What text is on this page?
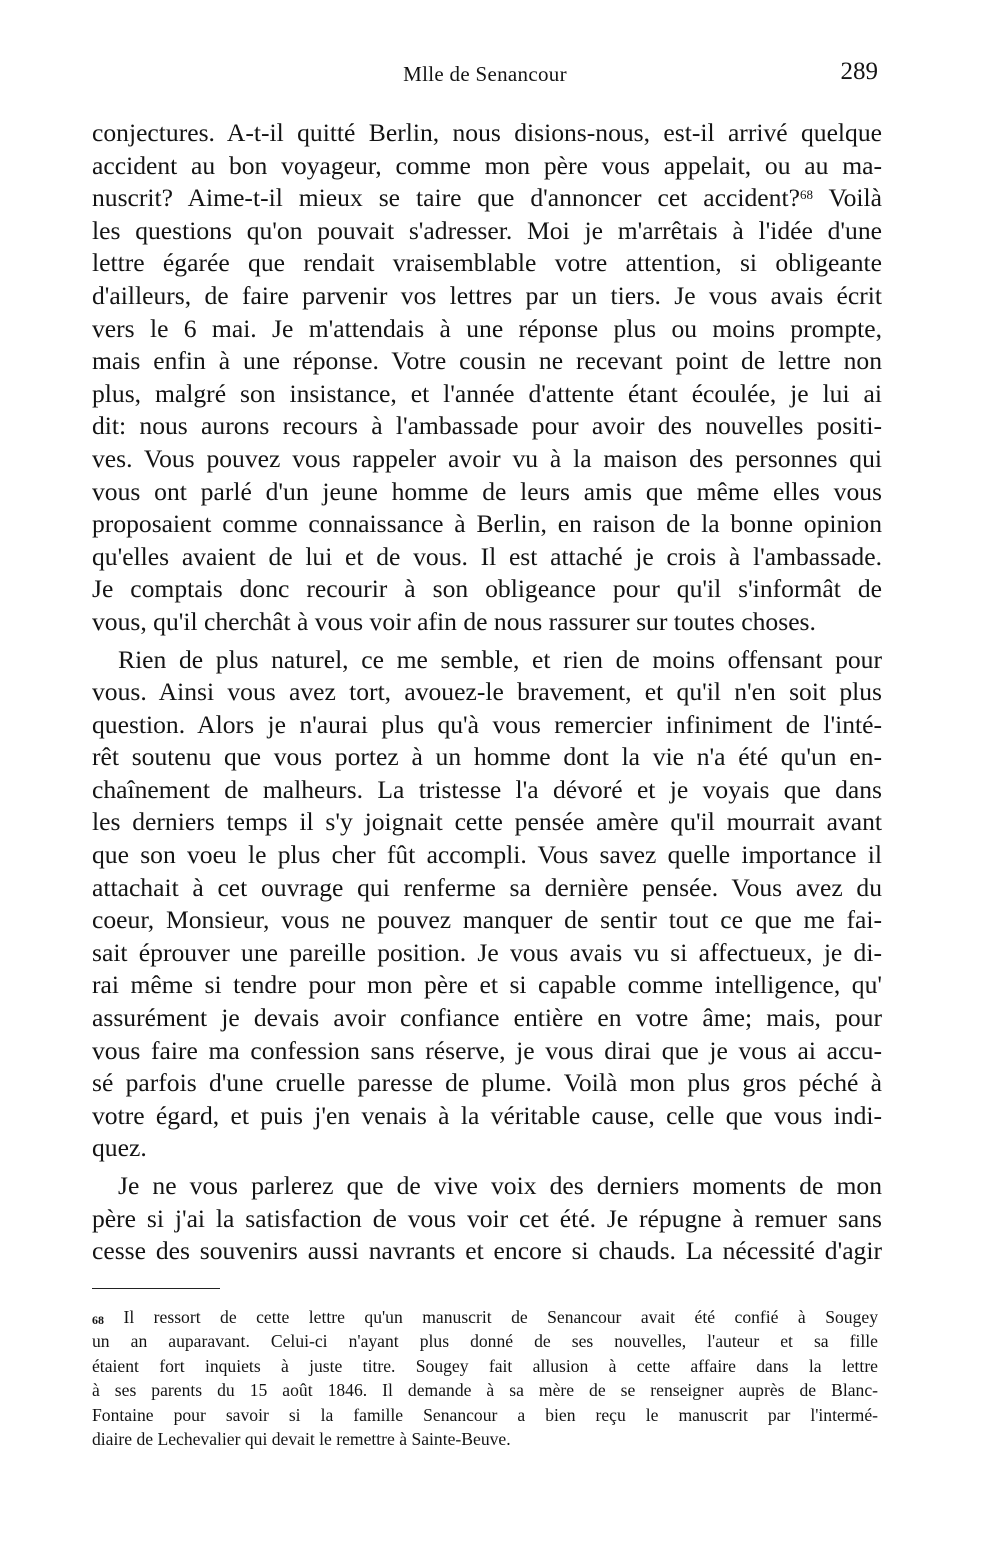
Mlle de Senancour	289
conjectures. A-t-il quitté Berlin, nous disions-nous, est-il arrivé quelque
accident au bon voyageur, comme mon père vous appelait, ou au ma-
nuscrit? Aime-t-il mieux se taire que d'annoncer cet accident?$^{68}$ Voilà
les questions qu'on pouvait s'adresser. Moi je m'arrêtais à l'idée d'une
lettre égarée que rendait vraisemblable votre attention, si obligeante
d'ailleurs, de faire parvenir vos lettres par un tiers. Je vous avais écrit
vers le 6 mai. Je m'attendais à une réponse plus ou moins prompte,
mais enfin à une réponse. Votre cousin ne recevant point de lettre non
plus, malgré son insistance, et l'année d'attente étant écoulée, je lui ai
dit: nous aurons recours à l'ambassade pour avoir des nouvelles positi-
ves. Vous pouvez vous rappeler avoir vu à la maison des personnes qui
vous ont parlé d'un jeune homme de leurs amis que même elles vous
proposaient comme connaissance à Berlin, en raison de la bonne opinion
qu'elles avaient de lui et de vous. Il est attaché je crois à l'ambassade.
Je comptais donc recourir à son obligeance pour qu'il s'informât de
vous, qu'il cherchât à vous voir afin de nous rassurer sur toutes choses.
Rien de plus naturel, ce me semble, et rien de moins offensant pour
vous. Ainsi vous avez tort, avouez-le bravement, et qu'il n'en soit plus
question. Alors je n'aurai plus qu'à vous remercier infiniment de l'inté-
rêt soutenu que vous portez à un homme dont la vie n'a été qu'un en-
chaînement de malheurs. La tristesse l'a dévoré et je voyais que dans
les derniers temps il s'y joignait cette pensée amère qu'il mourrait avant
que son voeu le plus cher fût accompli. Vous savez quelle importance il
attachait à cet ouvrage qui renferme sa dernière pensée. Vous avez du
coeur, Monsieur, vous ne pouvez manquer de sentir tout ce que me fai-
sait éprouver une pareille position. Je vous avais vu si affectueux, je di-
rai même si tendre pour mon père et si capable comme intelligence, qu'
assurément je devais avoir confiance entière en votre âme; mais, pour
vous faire ma confession sans réserve, je vous dirai que je vous ai accu-
sé parfois d'une cruelle paresse de plume. Voilà mon plus gros péché à
votre égard, et puis j'en venais à la véritable cause, celle que vous indi-
quez.
Je ne vous parlerez que de vive voix des derniers moments de mon
père si j'ai la satisfaction de vous voir cet été. Je répugne à remuer sans
cesse des souvenirs aussi navrants et encore si chauds. La nécessité d'agir
$^{68}$ Il ressort de cette lettre qu'un manuscrit de Senancour avait été confié à Sougey
un an auparavant. Celui-ci n'ayant plus donné de ses nouvelles, l'auteur et sa fille
étaient fort inquiets à juste titre. Sougey fait allusion à cette affaire dans la lettre
à ses parents du 15 août 1846. Il demande à sa mère de se renseigner auprès de Blanc-
Fontaine pour savoir si la famille Senancour a bien reçu le manuscrit par l'intermé-
diaire de Lechevalier qui devait le remettre à Sainte-Beuve.
